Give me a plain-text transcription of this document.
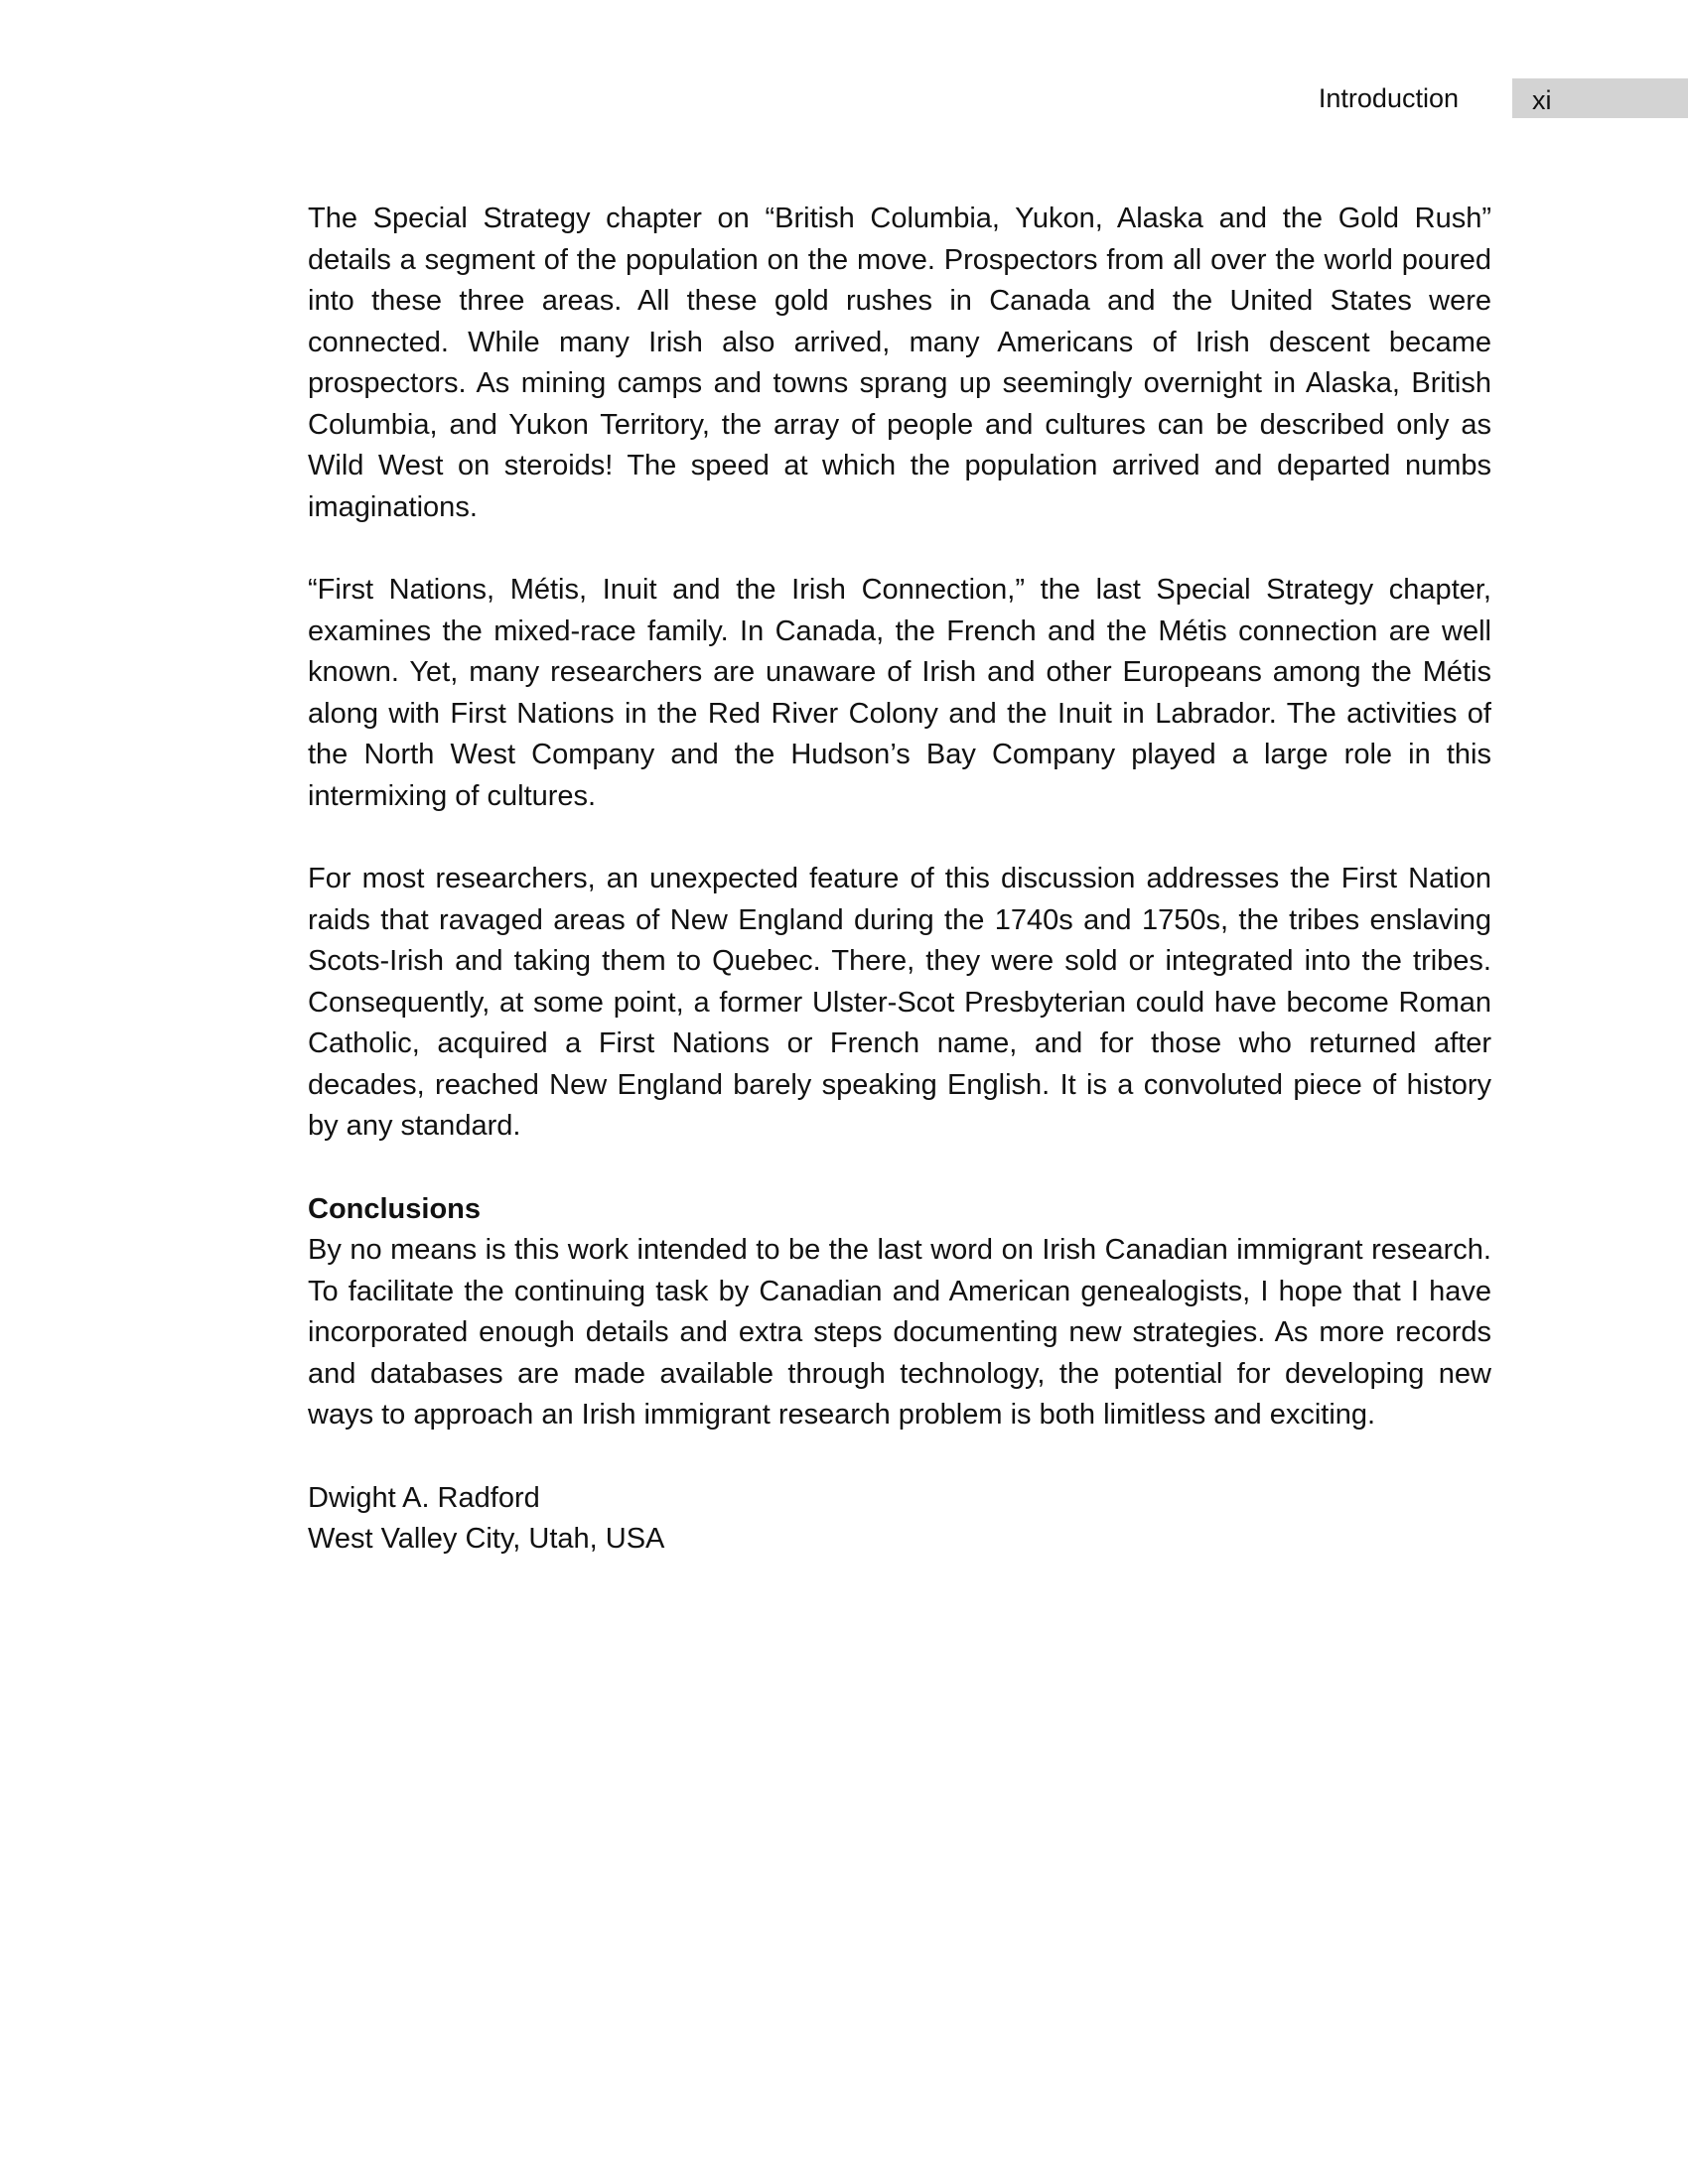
Introduction	xi

The Special Strategy chapter on “British Columbia, Yukon, Alaska and the Gold Rush” details a segment of the population on the move. Prospectors from all over the world poured into these three areas. All these gold rushes in Canada and the United States were connected. While many Irish also arrived, many Americans of Irish descent became prospectors. As mining camps and towns sprang up seemingly overnight in Alaska, British Columbia, and Yukon Territory, the array of people and cultures can be described only as Wild West on steroids! The speed at which the population arrived and departed numbs imaginations.

“First Nations, Métis, Inuit and the Irish Connection,” the last Special Strategy chapter, examines the mixed-race family. In Canada, the French and the Métis connection are well known. Yet, many researchers are unaware of Irish and other Europeans among the Métis along with First Nations in the Red River Colony and the Inuit in Labrador. The activities of the North West Company and the Hudson’s Bay Company played a large role in this intermixing of cultures.

For most researchers, an unexpected feature of this discussion addresses the First Nation raids that ravaged areas of New England during the 1740s and 1750s, the tribes enslaving Scots-Irish and taking them to Quebec. There, they were sold or integrated into the tribes. Consequently, at some point, a former Ulster-Scot Presbyterian could have become Roman Catholic, acquired a First Nations or French name, and for those who returned after decades, reached New England barely speaking English. It is a convoluted piece of history by any standard.

Conclusions

By no means is this work intended to be the last word on Irish Canadian immigrant research. To facilitate the continuing task by Canadian and American genealogists, I hope that I have incorporated enough details and extra steps documenting new strategies. As more records and databases are made available through technology, the potential for developing new ways to approach an Irish immigrant research problem is both limitless and exciting.

Dwight A. Radford
West Valley City, Utah, USA
